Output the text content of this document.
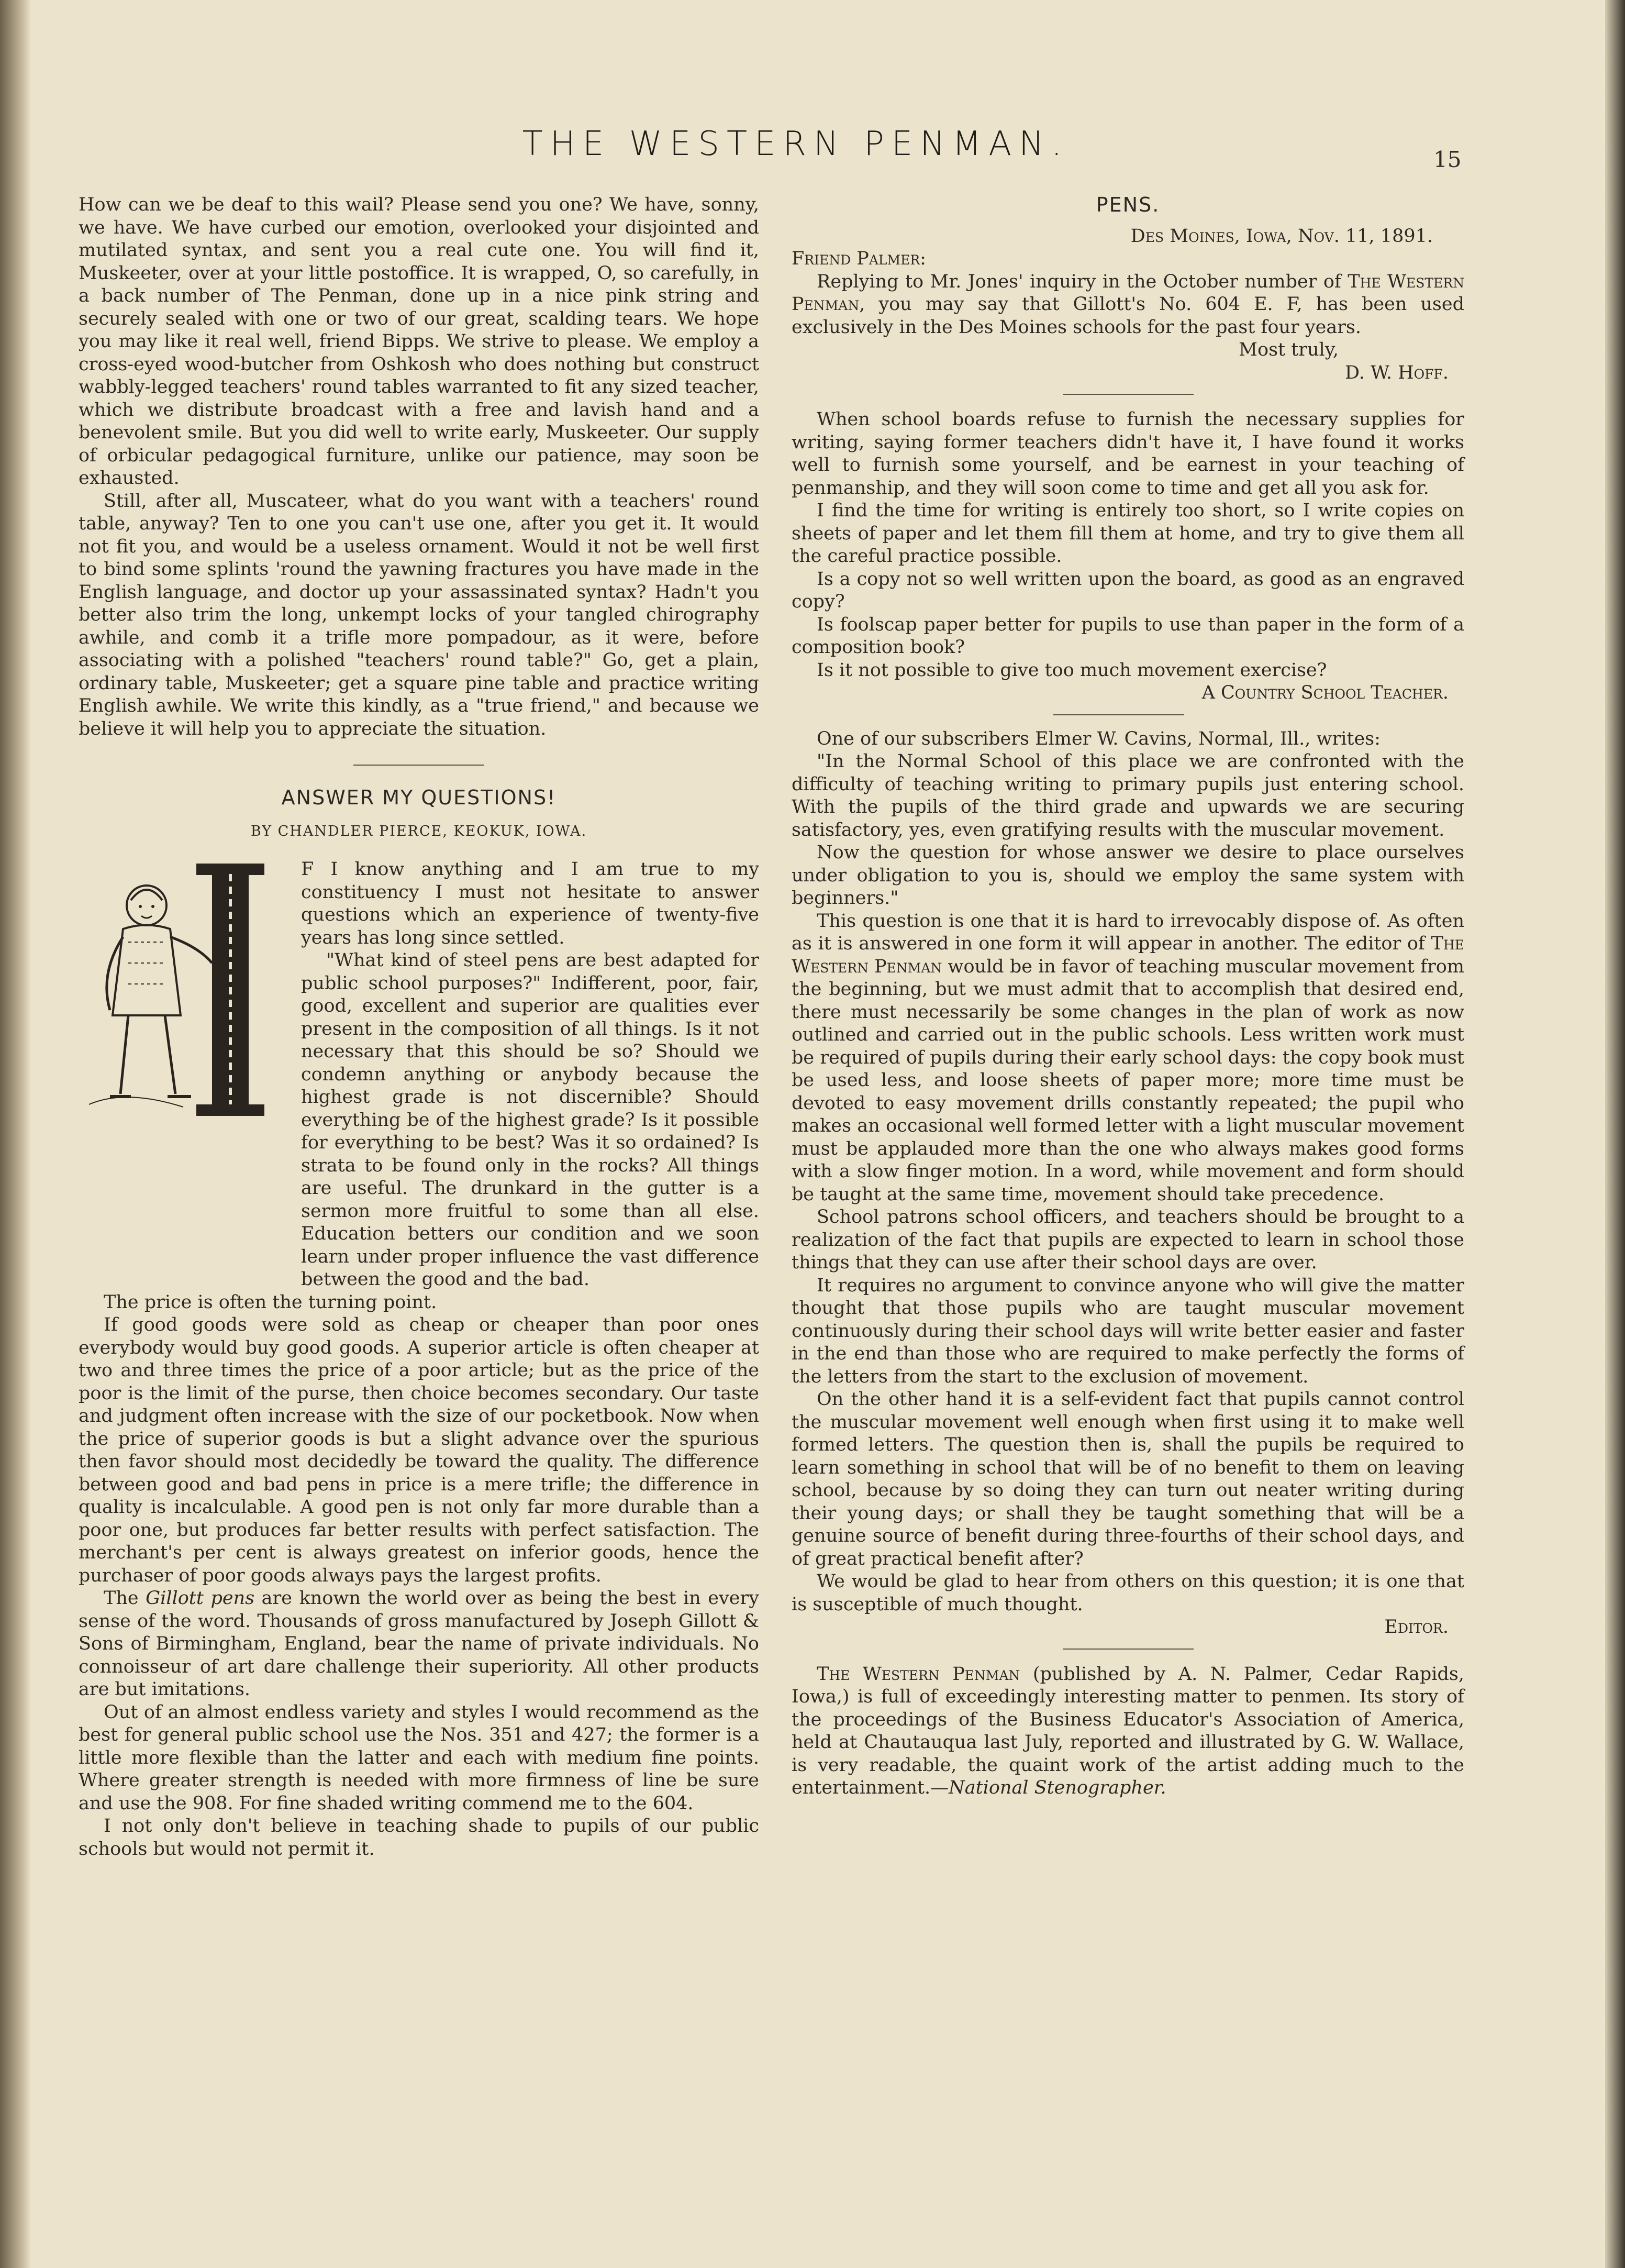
THE WESTERN PENMAN.	15

How can we be deaf to this wail? Please send you one? We have, sonny, we have. We have curbed our emotion, overlooked your disjointed and mutilated syntax, and sent you a real cute one. You will find it, Muskeeter, over at your little postoffice. It is wrapped, O, so carefully, in a back number of The Penman, done up in a nice pink string and securely sealed with one or two of our great, scalding tears. We hope you may like it real well, friend Bipps. We strive to please. We employ a cross-eyed wood-butcher from Oshkosh who does nothing but construct wabbly-legged teachers' round tables warranted to fit any sized teacher, which we distribute broadcast with a free and lavish hand and a benevolent smile. But you did well to write early, Muskeeter. Our supply of orbicular pedagogical furniture, unlike our patience, may soon be exhausted.

Still, after all, Muscateer, what do you want with a teachers' round table, anyway? Ten to one you can't use one, after you get it. It would not fit you, and would be a useless ornament. Would it not be well first to bind some splints 'round the yawning fractures you have made in the English language, and doctor up your assassinated syntax? Hadn't you better also trim the long, unkempt locks of your tangled chirography awhile, and comb it a trifle more pompadour, as it were, before associating with a polished "teachers' round table?" Go, get a plain, ordinary table, Muskeeter; get a square pine table and practice writing English awhile. We write this kindly, as a "true friend," and because we believe it will help you to appreciate the situation.

ANSWER MY QUESTIONS!
BY CHANDLER PIERCE, KEOKUK, IOWA.

F I know anything and I am true to my constituency I must not hesitate to answer questions which an experience of twenty-five years has long since settled.

"What kind of steel pens are best adapted for public school purposes?" Indifferent, poor, fair, good, excellent and superior are qualities ever present in the composition of all things. Is it not necessary that this should be so? Should we condemn anything or anybody because the highest grade is not discernible? Should everything be of the highest grade? Is it possible for everything to be best? Was it so ordained? Is strata to be found only in the rocks? All things are useful. The drunkard in the gutter is a sermon more fruitful to some than all else. Education betters our condition and we soon learn under proper influence the vast difference between the good and the bad.

The price is often the turning point.

If good goods were sold as cheap or cheaper than poor ones everybody would buy good goods. A superior article is often cheaper at two and three times the price of a poor article; but as the price of the poor is the limit of the purse, then choice becomes secondary. Our taste and judgment often increase with the size of our pocketbook. Now when the price of superior goods is but a slight advance over the spurious then favor should most decidedly be toward the quality. The difference between good and bad pens in price is a mere trifle; the difference in quality is incalculable. A good pen is not only far more durable than a poor one, but produces far better results with perfect satisfaction. The merchant's per cent is always greatest on inferior goods, hence the purchaser of poor goods always pays the largest profits.

The Gillott pens are known the world over as being the best in every sense of the word. Thousands of gross manufactured by Joseph Gillott & Sons of Birmingham, England, bear the name of private individuals. No connoisseur of art dare challenge their superiority. All other products are but imitations.

Out of an almost endless variety and styles I would recommend as the best for general public school use the Nos. 351 and 427; the former is a little more flexible than the latter and each with medium fine points. Where greater strength is needed with more firmness of line be sure and use the 908. For fine shaded writing commend me to the 604.

I not only don't believe in teaching shade to pupils of our public schools but would not permit it.

PENS.
Des Moines, Iowa, Nov. 11, 1891.
Friend Palmer:

Replying to Mr. Jones' inquiry in the October number of The Western Penman, you may say that Gillott's No. 604 E. F, has been used exclusively in the Des Moines schools for the past four years.

Most truly,
D. W. Hoff.

When school boards refuse to furnish the necessary supplies for writing, saying former teachers didn't have it, I have found it works well to furnish some yourself, and be earnest in your teaching of penmanship, and they will soon come to time and get all you ask for.

I find the time for writing is entirely too short, so I write copies on sheets of paper and let them fill them at home, and try to give them all the careful practice possible.

Is a copy not so well written upon the board, as good as an engraved copy?

Is foolscap paper better for pupils to use than paper in the form of a composition book?

Is it not possible to give too much movement exercise?

A Country School Teacher.

One of our subscribers Elmer W. Cavins, Normal, Ill., writes:

"In the Normal School of this place we are confronted with the difficulty of teaching writing to primary pupils just entering school. With the pupils of the third grade and upwards we are securing satisfactory, yes, even gratifying results with the muscular movement.

Now the question for whose answer we desire to place ourselves under obligation to you is, should we employ the same system with beginners."

This question is one that it is hard to irrevocably dispose of. As often as it is answered in one form it will appear in another. The editor of The Western Penman would be in favor of teaching muscular movement from the beginning, but we must admit that to accomplish that desired end, there must necessarily be some changes in the plan of work as now outlined and carried out in the public schools. Less written work must be required of pupils during their early school days: the copy book must be used less, and loose sheets of paper more; more time must be devoted to easy movement drills constantly repeated; the pupil who makes an occasional well formed letter with a light muscular movement must be applauded more than the one who always makes good forms with a slow finger motion. In a word, while movement and form should be taught at the same time, movement should take precedence.

School patrons school officers, and teachers should be brought to a realization of the fact that pupils are expected to learn in school those things that they can use after their school days are over.

It requires no argument to convince anyone who will give the matter thought that those pupils who are taught muscular movement continuously during their school days will write better easier and faster in the end than those who are required to make perfectly the forms of the letters from the start to the exclusion of movement.

On the other hand it is a self-evident fact that pupils cannot control the muscular movement well enough when first using it to make well formed letters. The question then is, shall the pupils be required to learn something in school that will be of no benefit to them on leaving school, because by so doing they can turn out neater writing during their young days; or shall they be taught something that will be a genuine source of benefit during three-fourths of their school days, and of great practical benefit after?

We would be glad to hear from others on this question; it is one that is susceptible of much thought.

Editor.

The Western Penman (published by A. N. Palmer, Cedar Rapids, Iowa,) is full of exceedingly interesting matter to penmen. Its story of the proceedings of the Business Educator's Association of America, held at Chautauqua last July, reported and illustrated by G. W. Wallace, is very readable, the quaint work of the artist adding much to the entertainment.—National Stenographer.
